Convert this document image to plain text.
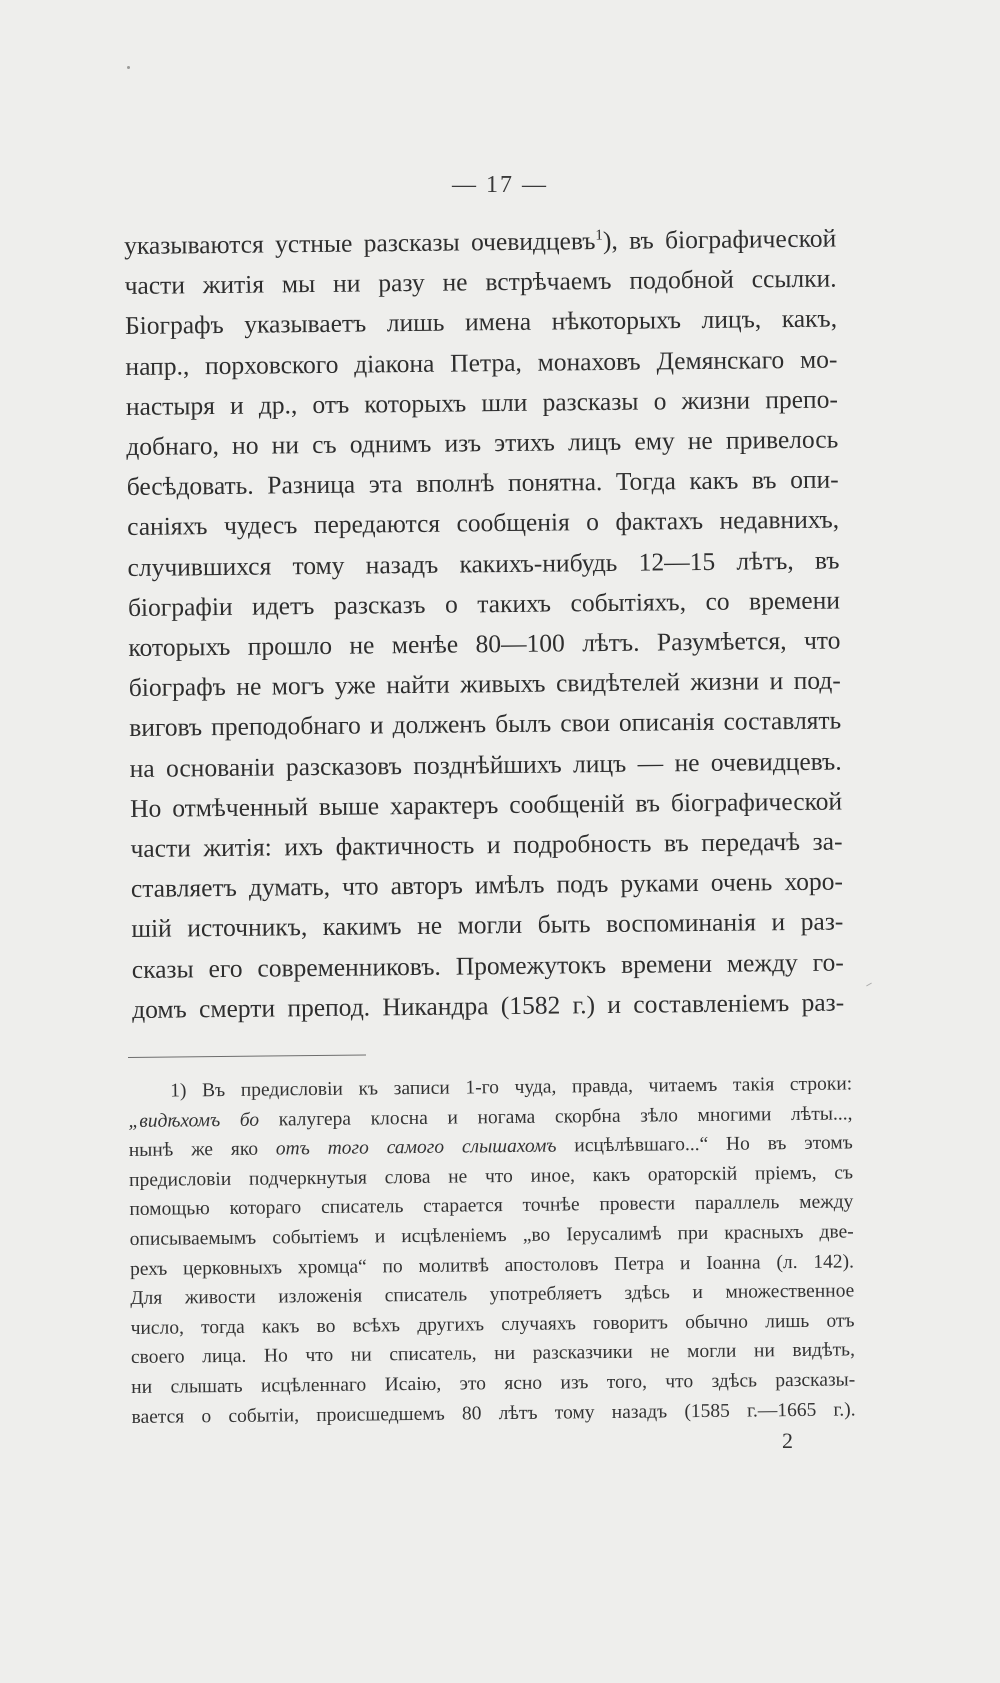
— 17 —
указываются устные разсказы очевидцевъ$^1$), въ біографической
части житія мы ни разу не встрѣчаемъ подобной ссылки.
Біографъ указываетъ лишь имена нѣкоторыхъ лицъ, какъ,
напр., порховского діакона Петра, монаховъ Демянскаго мо-
настыря и др., отъ которыхъ шли разсказы о жизни препо-
добнаго, но ни съ однимъ изъ этихъ лицъ ему не привелось
бесѣдовать. Разница эта вполнѣ понятна. Тогда какъ въ опи-
саніяхъ чудесъ передаются сообщенія о фактахъ недавнихъ,
случившихся тому назадъ какихъ-нибудь 12—15 лѣтъ, въ
біографіи идетъ разсказъ о такихъ событіяхъ, со времени
которыхъ прошло не менѣе 80—100 лѣтъ. Разумѣется, что
біографъ не могъ уже найти живыхъ свидѣтелей жизни и под-
виговъ преподобнаго и долженъ былъ свои описанія составлять
на основаніи разсказовъ позднѣйшихъ лицъ — не очевидцевъ.
Но отмѣченный выше характеръ сообщеній въ біографической
части житія: ихъ фактичность и подробность въ передачѣ за-
ставляетъ думать, что авторъ имѣлъ подъ руками очень хоро-
шій источникъ, какимъ не могли быть воспоминанія и раз-
сказы его современниковъ. Промежутокъ времени между го-
домъ смерти препод. Никандра (1582 г.) и составленіемъ раз-
1) Въ предисловіи къ записи 1-го чуда, правда, читаемъ такія строки:
„видѣхомъ бо калугера клосна и ногама скорбна зѣло многими лѣты...,
нынѣ же яко отъ того самого слышахомъ исцѣлѣвшаго...“ Но въ этомъ
предисловіи подчеркнутыя слова не что иное, какъ ораторскій пріемъ, съ
помощью котораго списатель старается точнѣе провести параллель между
описываемымъ событіемъ и исцѣленіемъ „во Іерусалимѣ при красныхъ две-
рехъ церковныхъ хромца“ по молитвѣ апостоловъ Петра и Іоанна (л. 142).
Для живости изложенія списатель употребляетъ здѣсь и множественное
число, тогда какъ во всѣхъ другихъ случаяхъ говоритъ обычно лишь отъ
своего лица. Но что ни списатель, ни разсказчики не могли ни видѣть,
ни слышать исцѣленнаго Исаію, это ясно изъ того, что здѣсь разсказы-
вается о событіи, происшедшемъ 80 лѣтъ тому назадъ (1585 г.—1665 г.).
2
